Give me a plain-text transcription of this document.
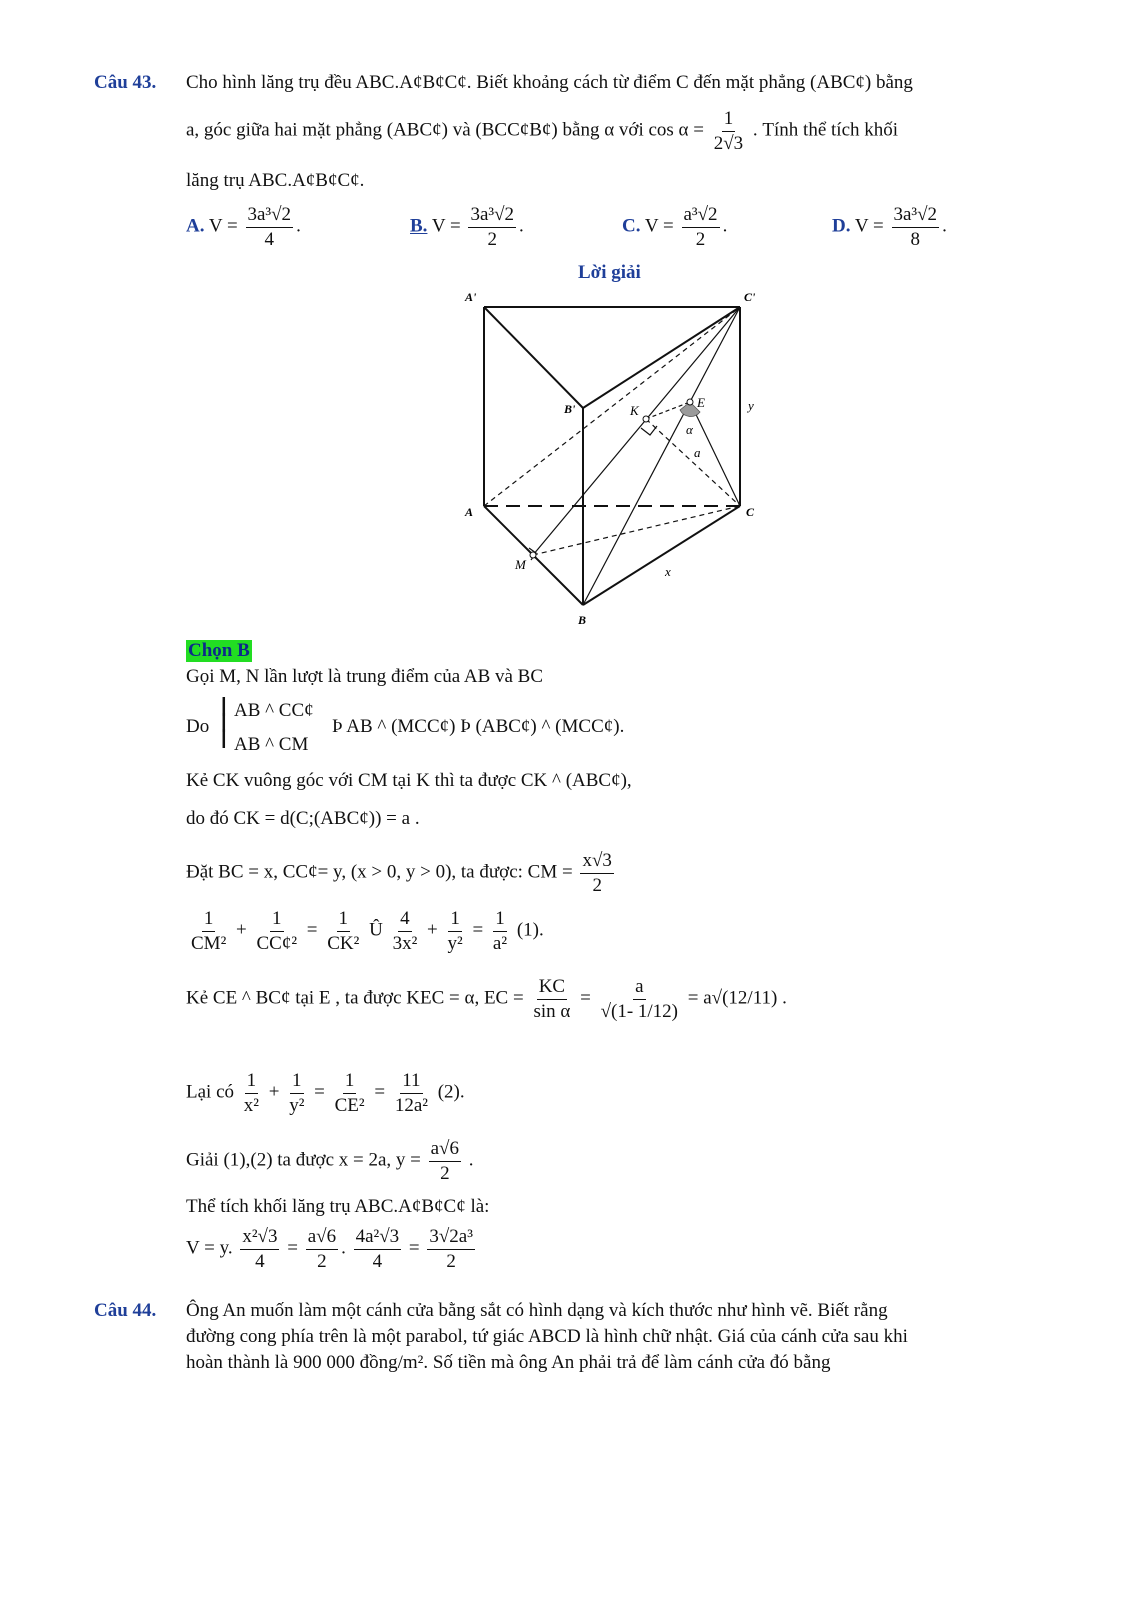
Câu 43. Cho hình lăng trụ đều ABC.A¢B¢C¢. Biết khoảng cách từ điểm C đến mặt phẳng (ABC¢) bằng
a, góc giữa hai mặt phẳng (ABC¢) và (BCC¢B¢) bằng α với $\cos \alpha = \frac{1}{2√3}$ . Tính thể tích khối
lăng trụ ABC.A¢B¢C¢.
A. $V = \frac{\text{3a³√2}}{4}$ .	B. $V = \frac{\text{3a³√2}}{2}$ .	C. $V = \frac{\text{a³√2}}{2}$ .	D. $V = \frac{\text{3a³√2}}{8}$ .
Lời giải
A'	C'
B'
A	C
B
K
E
M
y
x
α
a
Chọn B
Gọi M, N lần lượt là trung điểm của AB và BC
Do
┃
┃
┃
AB ^ CC¢
AB ^ CM
Þ AB ^ (MCC¢) Þ (ABC¢) ^ (MCC¢).
Kẻ CK vuông góc với CM tại K thì ta được CK ^ (ABC¢),
do đó CK = d(C;(ABC¢)) = a .
Đặt BC = x, CC¢= y, (x > 0, y > 0), ta được: CM = $\frac{x√3}{2}$
$\frac{1}{\text{CM²}} + \frac{1}{\text{CC¢²}} = \frac{1}{\text{CK²}}$ Û $\frac{4}{\text{3x²}} + \frac{1}{\text{y²}} = \frac{1}{\text{a²}} (1)$.
Kẻ CE ^ BC¢ tại E , ta được KEC = α, EC = $\frac{KC}{\text{sin α}} = \frac{a}{√(1- 1/12)} = a√(12/11)$ .
Lại có $\frac{1}{\text{x²}} + \frac{1}{\text{y²}} = \frac{1}{\text{CE²}} = \frac{11}{\text{12a²}} (2)$.
Giải (1),(2) ta được x = 2a, $y = \frac{a√6}{2}$ .
Thể tích khối lăng trụ ABC.A¢B¢C¢ là:
V = y. $\frac{\text{x²√3}}{4} = \frac{a√6}{2}$ . $\frac{\text{4a²√3}}{4} = \frac{\text{3√2a³}}{2}$
Câu 44. Ông An muốn làm một cánh cửa bằng sắt có hình dạng và kích thước như hình vẽ. Biết rằng
đường cong phía trên là một parabol, tứ giác ABCD là hình chữ nhật. Giá của cánh cửa sau khi
hoàn thành là 900 000 đồng/m². Số tiền mà ông An phải trả để làm cánh cửa đó bằng
